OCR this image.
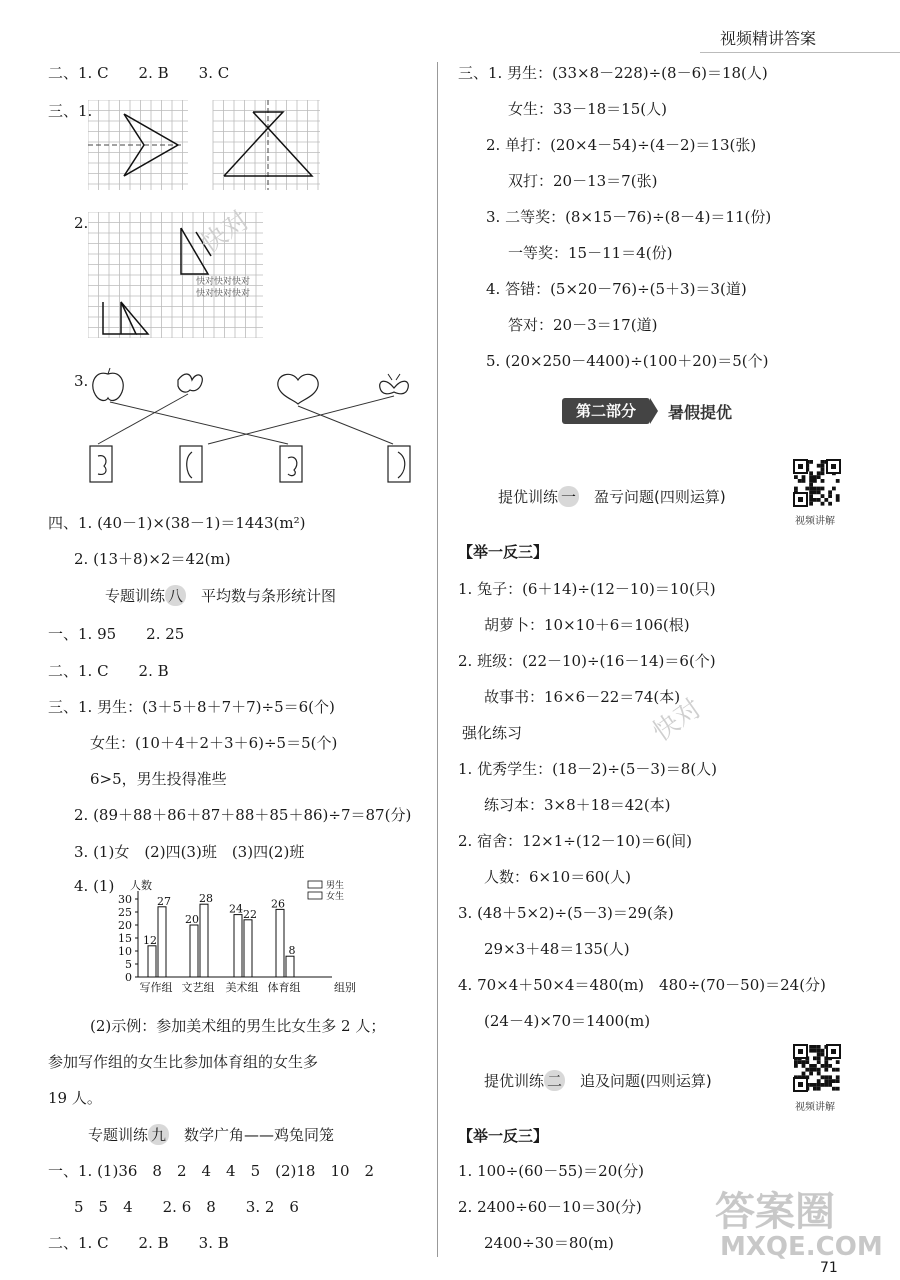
视频精讲答案
二、1. C　　2. B　　3. C
三、1.
2.
快对快对快对
快对快对快对
3.
四、1. (40－1)×(38－1)＝1443(m²)
2. (13＋8)×2＝42(m)
专题训练 八　平均数与条形统计图
一、1. 95　　2. 25
二、1. C　　2. B
三、1. 男生：(3＋5＋8＋7＋7)÷5＝6(个)
女生：(10＋4＋2＋3＋6)÷5＝5(个)
6>5，男生投得准些
2. (89＋88＋86＋87＋88＋85＋86)÷7＝87(分)
3. (1)女　(2)四(3)班　(3)四(2)班
4. (1) 人数
0
5
10
15
20
25
30
12
27
写作组
20
28
文艺组
24 22
美术组
26
8
体育组	组别
男生
女生
(2)示例：参加美术组的男生比女生多 2 人；
参加写作组的女生比参加体育组的女生多
19 人。
专题训练 九　数学广角——鸡兔同笼
一、1. (1)36　8　2　4　4　5　(2)18　10　2
5　5　4　　2. 6　8　　3. 2　6
二、1. C　　2. B　　3. B
三、1. 男生：(33×8－228)÷(8－6)＝18(人)
女生：33－18＝15(人)
2. 单打：(20×4－54)÷(4－2)＝13(张)
双打：20－13＝7(张)
3. 二等奖：(8×15－76)÷(8－4)＝11(份)
一等奖：15－11＝4(份)
4. 答错：(5×20－76)÷(5＋3)＝3(道)
答对：20－3＝17(道)
5. (20×250－4400)÷(100＋20)＝5(个)
第二部分	暑假提优
提优训练 一　盈亏问题(四则运算)
视频讲解
【举一反三】
1. 兔子：(6＋14)÷(12－10)＝10(只)
胡萝卜：10×10＋6＝106(根)
2. 班级：(22－10)÷(16－14)＝6(个)
故事书：16×6－22＝74(本)
强化练习
1. 优秀学生：(18－2)÷(5－3)＝8(人)
练习本：3×8＋18＝42(本)
2. 宿舍：12×1÷(12－10)＝6(间)
人数：6×10＝60(人)
3. (48＋5×2)÷(5－3)＝29(条)
29×3＋48＝135(人)
4. 70×4＋50×4＝480(m)　480÷(70－50)＝24(分)
(24－4)×70＝1400(m)
提优训练 二　追及问题(四则运算)
视频讲解
【举一反三】
1. 100÷(60－55)＝20(分)
2. 2400÷60－10＝30(分)
2400÷30＝80(m)
71
快对
快对
答案圈
MXQE.COM
